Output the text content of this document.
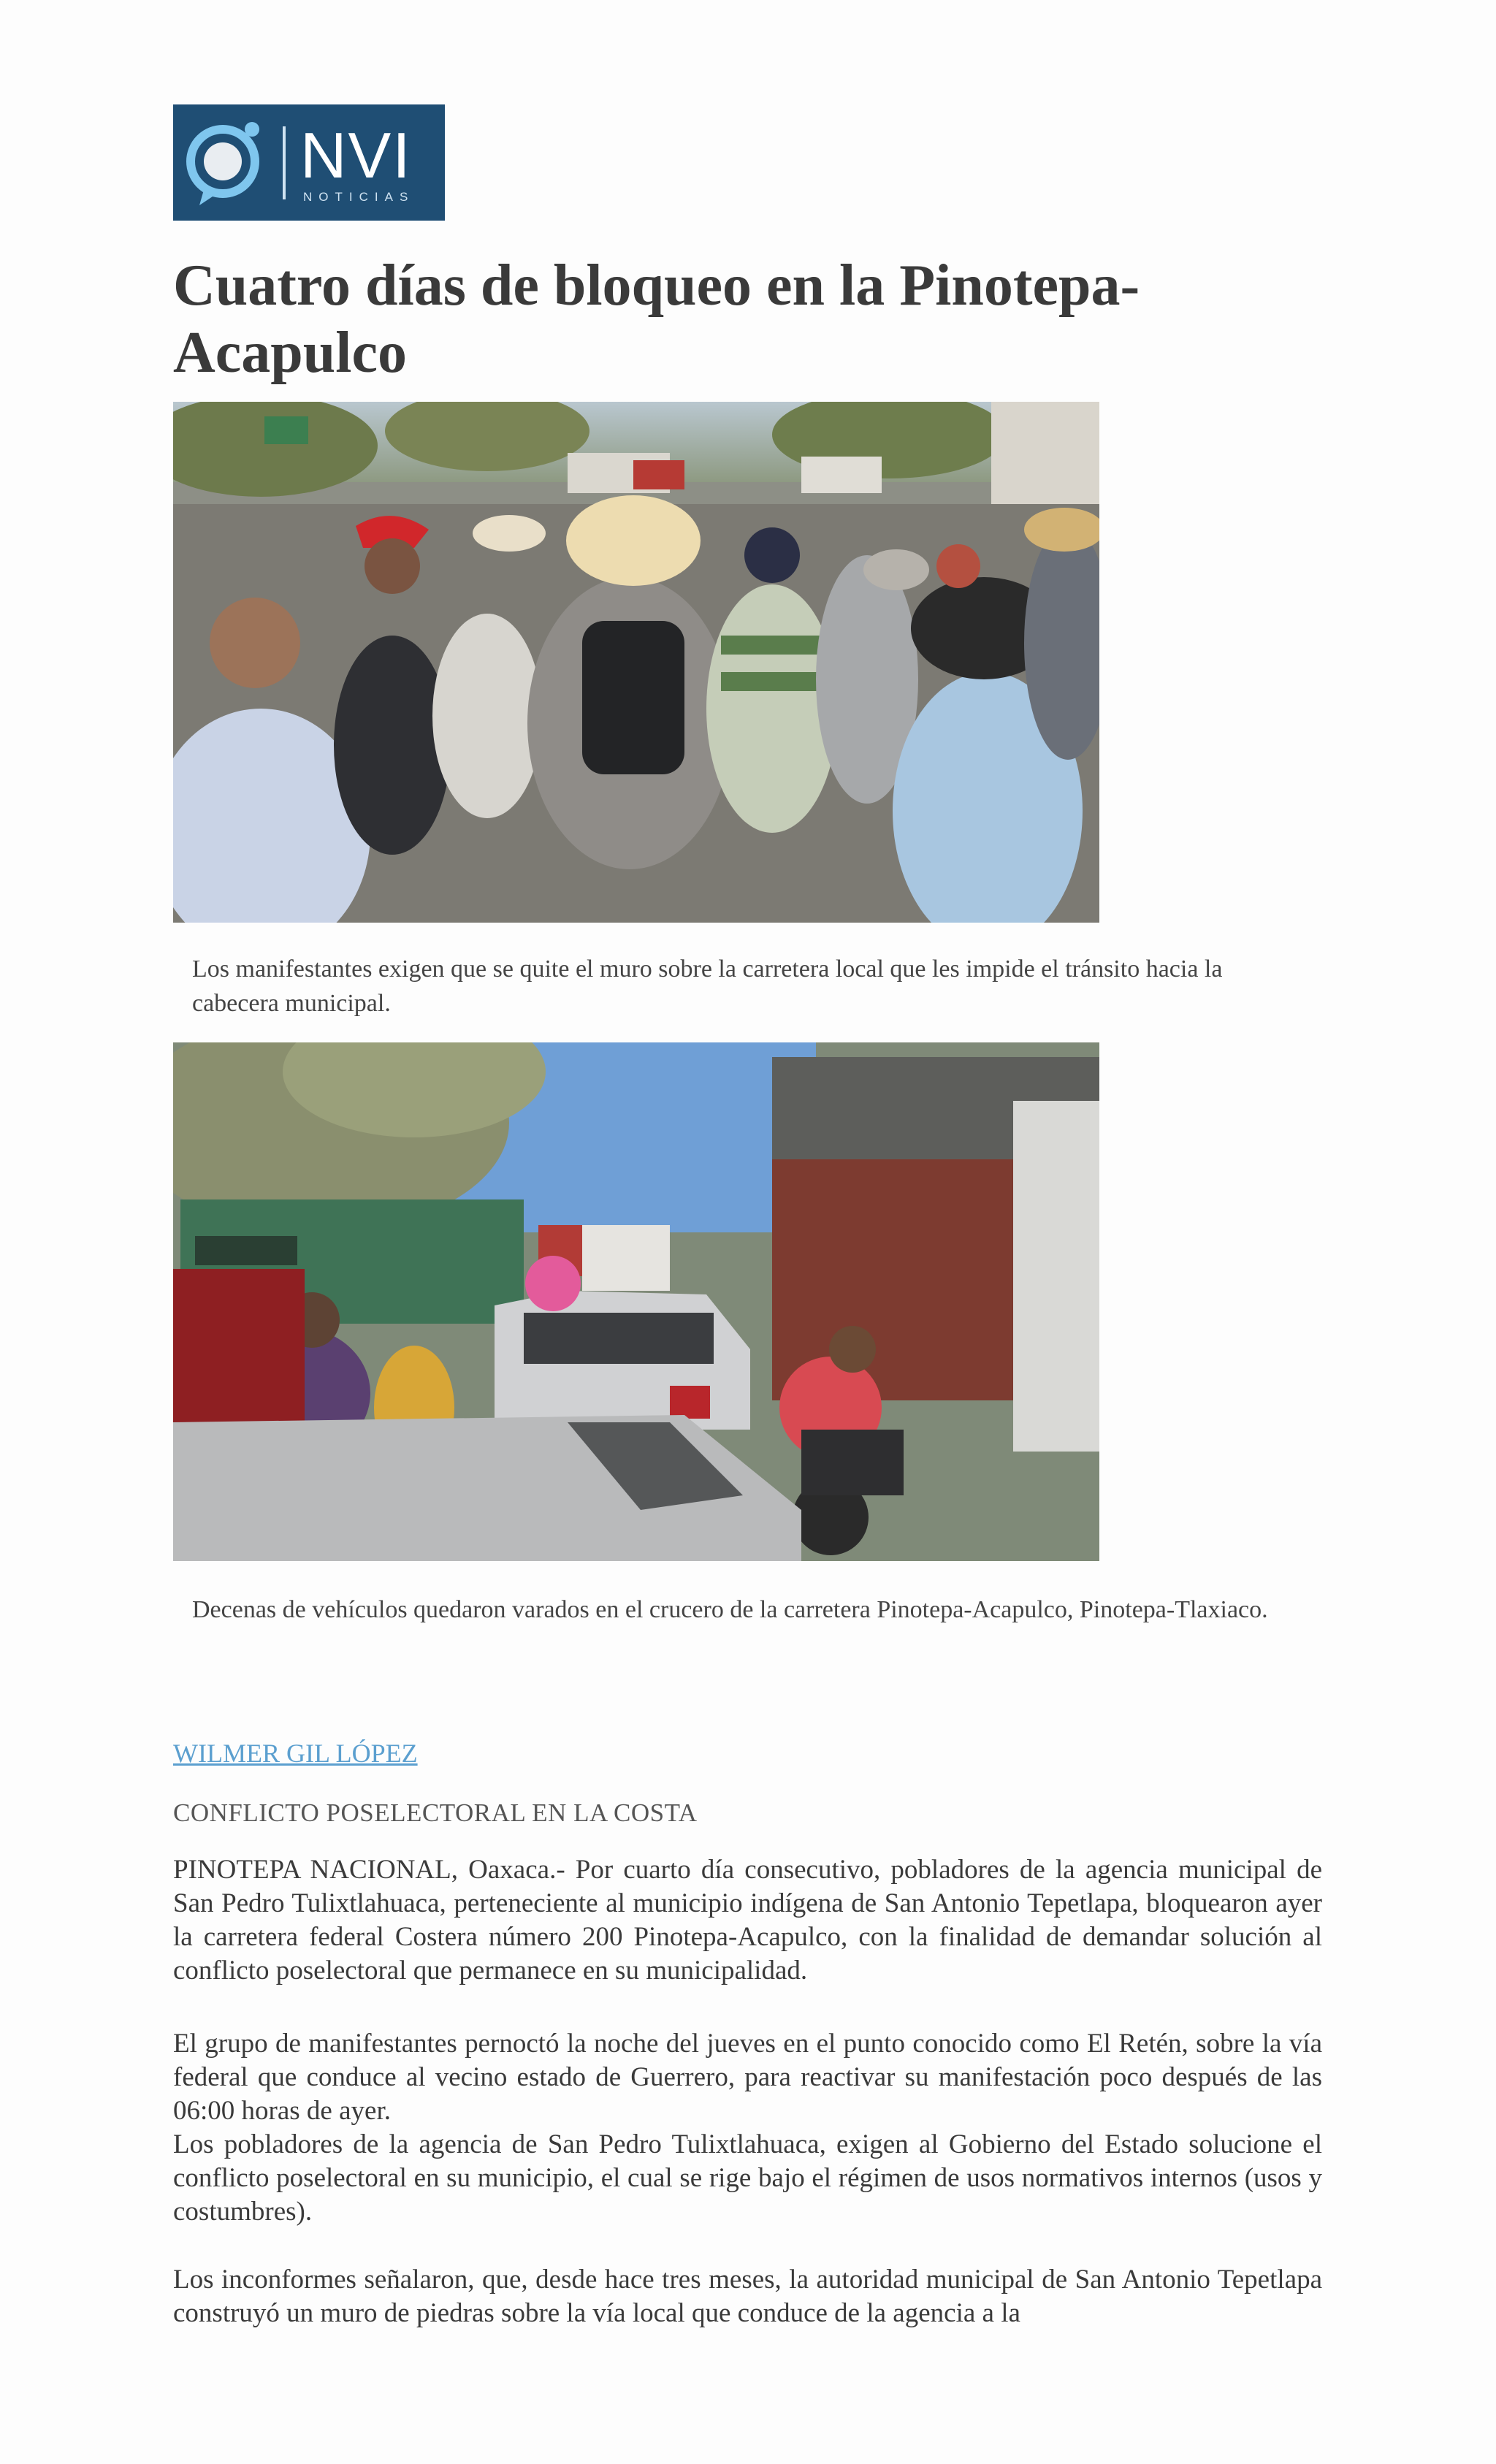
NVI
NOTICIAS
Cuatro días de bloqueo en la Pinotepa-Acapulco

Los manifestantes exigen que se quite el muro sobre la carretera local que les impide el tránsito hacia la cabecera municipal.

Decenas de vehículos quedaron varados en el crucero de la carretera Pinotepa-Acapulco, Pinotepa-Tlaxiaco.

WILMER GIL LÓPEZ
CONFLICTO POSELECTORAL EN LA COSTA

PINOTEPA NACIONAL, Oaxaca.- Por cuarto día consecutivo, pobladores de la agencia municipal de San Pedro Tulixtlahuaca, perteneciente al municipio indígena de San Antonio Tepetlapa, bloquearon ayer la carretera federal Costera número 200 Pinotepa-Acapulco, con la finalidad de demandar solución al conflicto poselectoral que permanece en su municipalidad.

El grupo de manifestantes pernoctó la noche del jueves en el punto conocido como El Retén, sobre la vía federal que conduce al vecino estado de Guerrero, para reactivar su manifestación poco después de las 06:00 horas de ayer.
Los pobladores de la agencia de San Pedro Tulixtlahuaca, exigen al Gobierno del Estado solucione el conflicto poselectoral en su municipio, el cual se rige bajo el régimen de usos normativos internos (usos y costumbres).

Los inconformes señalaron, que, desde hace tres meses, la autoridad municipal de San Antonio Tepetlapa construyó un muro de piedras sobre la vía local que conduce de la agencia a la
